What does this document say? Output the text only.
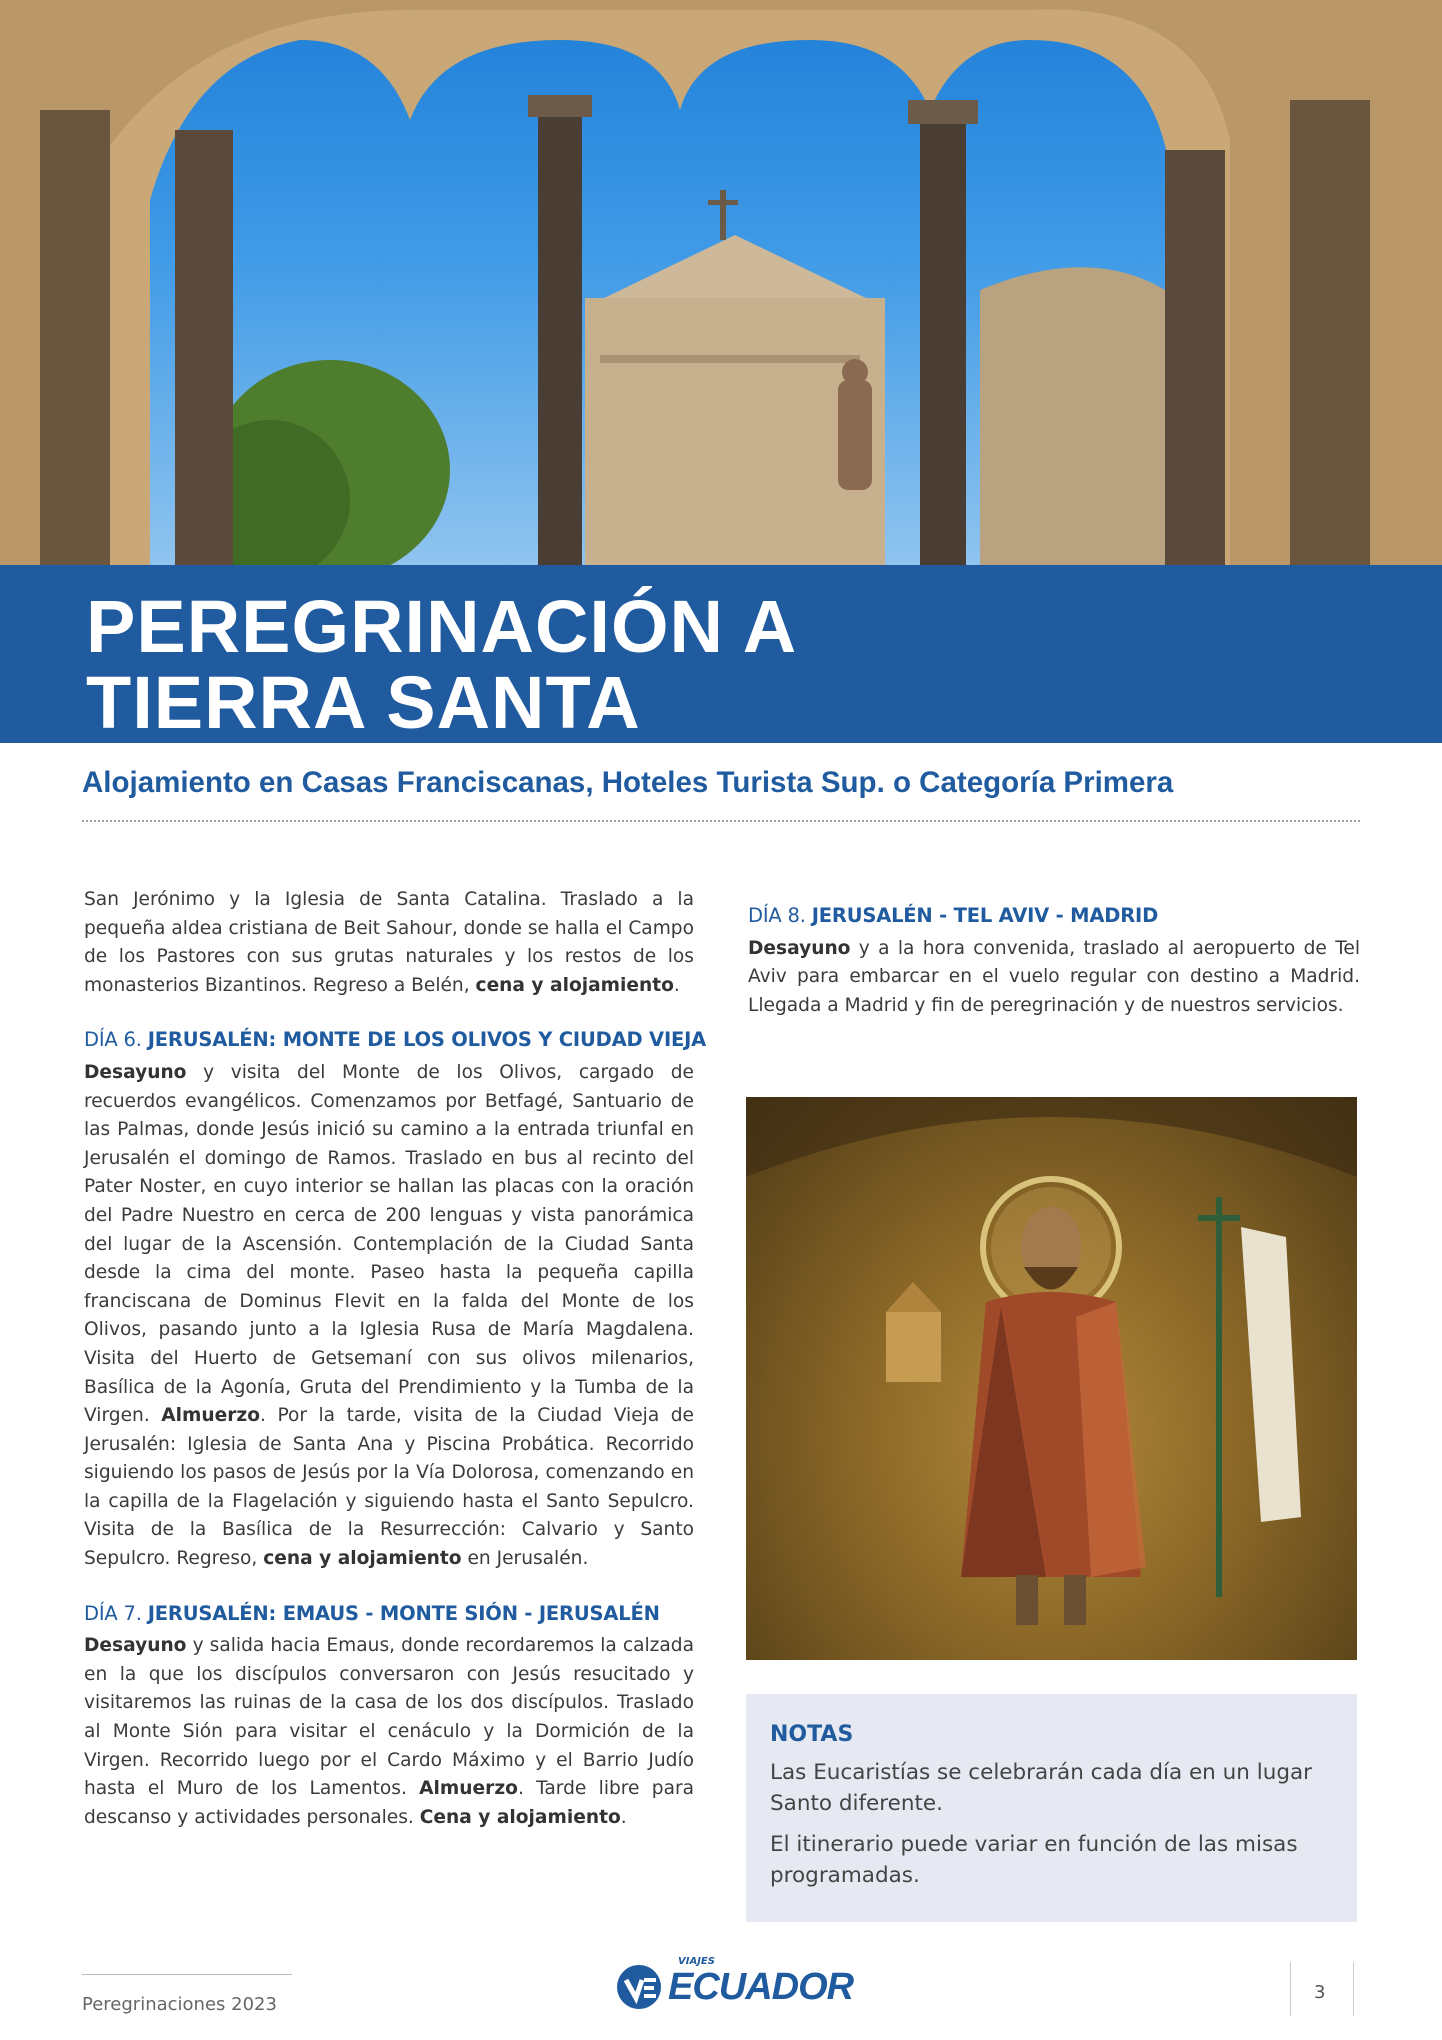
PEREGRINACIÓN A
TIERRA SANTA
Alojamiento en Casas Franciscanas, Hoteles Turista Sup. o Categoría Primera

San Jerónimo y la Iglesia de Santa Catalina. Traslado a la pequeña aldea cristiana de Beit Sahour, donde se halla el Campo de los Pastores con sus grutas naturales y los restos de los monasterios Bizantinos. Regreso a Belén, cena y alojamiento.

DÍA 6. JERUSALÉN: MONTE DE LOS OLIVOS Y CIUDAD VIEJA

Desayuno y visita del Monte de los Olivos, cargado de recuerdos evangélicos. Comenzamos por Betfagé, Santuario de las Palmas, donde Jesús inició su camino a la entrada triunfal en Jerusalén el domingo de Ramos. Traslado en bus al recinto del Pater Noster, en cuyo interior se hallan las placas con la oración del Padre Nuestro en cerca de 200 lenguas y vista panorámica del lugar de la Ascensión. Contemplación de la Ciudad Santa desde la cima del monte. Paseo hasta la pequeña capilla franciscana de Dominus Flevit en la falda del Monte de los Olivos, pasando junto a la Iglesia Rusa de María Magdalena. Visita del Huerto de Getsemaní con sus olivos milenarios, Basílica de la Agonía, Gruta del Prendimiento y la Tumba de la Virgen. Almuerzo. Por la tarde, visita de la Ciudad Vieja de Jerusalén: Iglesia de Santa Ana y Piscina Probática. Recorrido siguiendo los pasos de Jesús por la Vía Dolorosa, comenzando en la capilla de la Flagelación y siguiendo hasta el Santo Sepulcro. Visita de la Basílica de la Resurrección: Calvario y Santo Sepulcro. Regreso, cena y alojamiento en Jerusalén.

DÍA 7. JERUSALÉN: EMAUS - MONTE SIÓN - JERUSALÉN

Desayuno y salida hacia Emaus, donde recordaremos la calzada en la que los discípulos conversaron con Jesús resucitado y visitaremos las ruinas de la casa de los dos discípulos. Traslado al Monte Sión para visitar el cenáculo y la Dormición de la Virgen. Recorrido luego por el Cardo Máximo y el Barrio Judío hasta el Muro de los Lamentos. Almuerzo. Tarde libre para descanso y actividades personales. Cena y alojamiento.

DÍA 8. JERUSALÉN - TEL AVIV - MADRID

Desayuno y a la hora convenida, traslado al aeropuerto de Tel Aviv para embarcar en el vuelo regular con destino a Madrid. Llegada a Madrid y fin de peregrinación y de nuestros servicios.

NOTAS

Las Eucaristías se celebrarán cada día en un lugar Santo diferente.

El itinerario puede variar en función de las misas programadas.

Peregrinaciones 2023
VIAJES
ECUADOR	3
